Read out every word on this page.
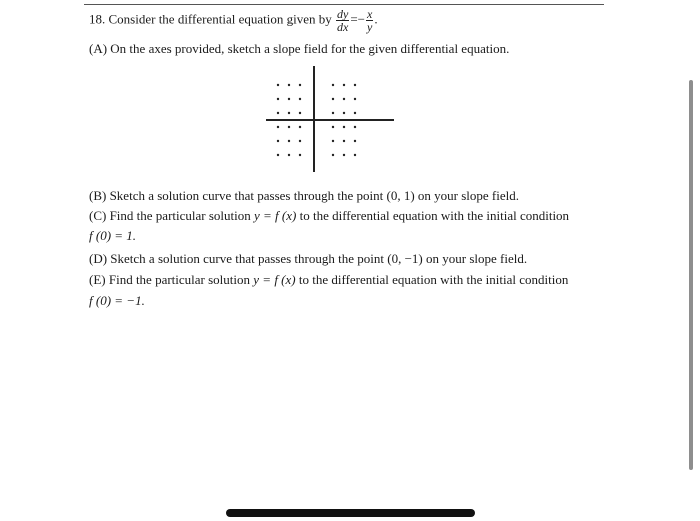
18. Consider the differential equation given by $\frac{dy}{dx} =- \frac{x}{y}$ .
(A) On the axes provided, sketch a slope field for the given differential equation.
(B) Sketch a solution curve that passes through the point (0, 1) on your slope field.
(C) Find the particular solution y = f (x) to the differential equation with the initial condition
f (0) = 1.
(D) Sketch a solution curve that passes through the point (0, −1) on your slope field.
(E) Find the particular solution y = f (x) to the differential equation with the initial condition
f (0) = −1.
